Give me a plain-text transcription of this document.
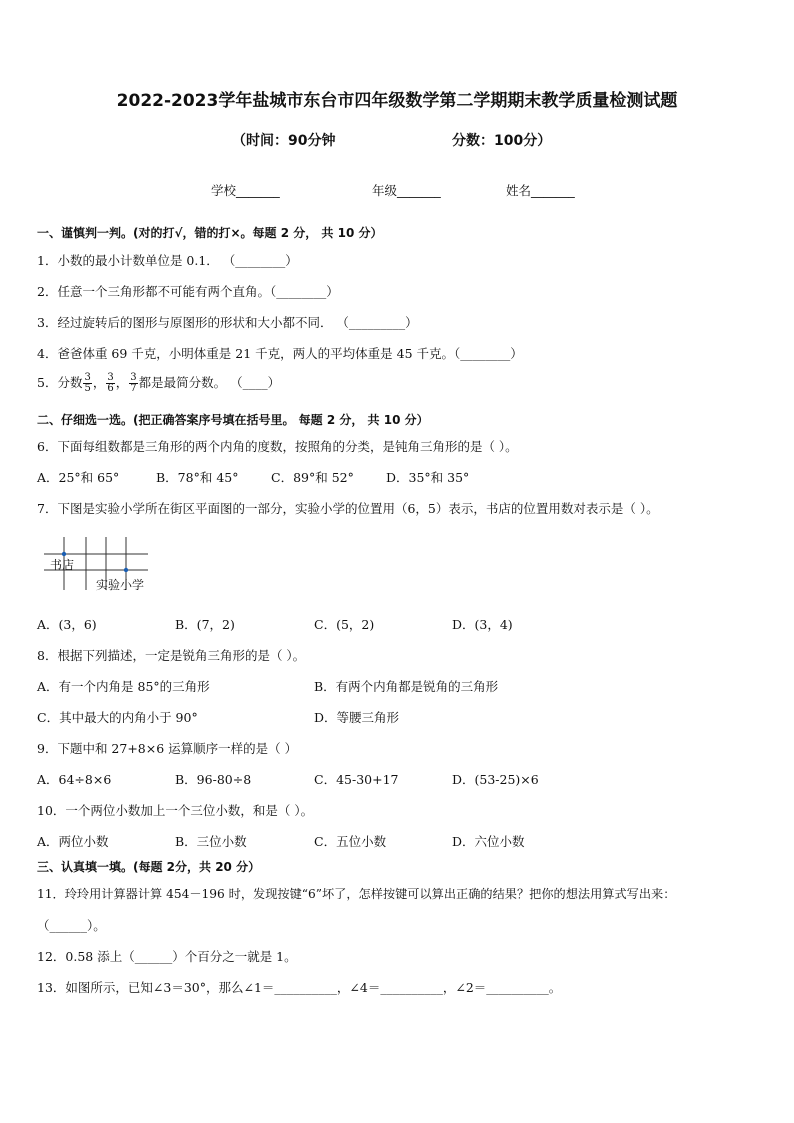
2022-2023学年盐城市东台市四年级数学第二学期期末教学质量检测试题
（时间：90分钟	分数：100分）
学校_______	年级_______	姓名_______
一、谨慎判一判。(对的打√，错的打×。每题 2 分， 共 10 分）
1．小数的最小计数单位是 0.1． （________）
2．任意一个三角形都不可能有两个直角。（________）
3．经过旋转后的图形与原图形的形状和大小都不同． （_________）
4．爸爸体重 69 千克，小明体重是 21 千克，两人的平均体重是 45 千克。（________）
5．分数 $\frac{3}{5}$ ， $\frac{3}{6}$ ， $\frac{3}{7}$ 都是最简分数。 （____）
二、仔细选一选。(把正确答案序号填在括号里。 每题 2 分， 共 10 分）
6．下面每组数都是三角形的两个内角的度数，按照角的分类，是钝角三角形的是（ ）。
A．25°和 65°	B．78°和 45°	C．89°和 52°	D．35°和 35°
7．下图是实验小学所在街区平面图的一部分，实验小学的位置用（6，5）表示，书店的位置用数对表示是（ ）。
书店
实验小学
A．(3，6)	B．(7，2)	C．(5，2)	D．(3，4)
8．根据下列描述，一定是锐角三角形的是（ ）。
A．有一个内角是 85°的三角形	B．有两个内角都是锐角的三角形
C．其中最大的内角小于 90°	D．等腰三角形
9．下题中和 27+8×6 运算顺序一样的是（ ）
A．64÷8×6	B．96-80÷8	C．45-30+17	D．(53-25)×6
10．一个两位小数加上一个三位小数，和是（ ）。
A．两位小数	B．三位小数	C．五位小数	D．六位小数
三、认真填一填。(每题 2分，共 20 分）
11．玲玲用计算器计算 454－196 时，发现按键“6”坏了，怎样按键可以算出正确的结果？把你的想法用算式写出来：
（______）。
12．0.58 添上（______）个百分之一就是 1。
13．如图所示，已知∠3＝30°，那么∠1＝__________，∠4＝__________，∠2＝__________。
